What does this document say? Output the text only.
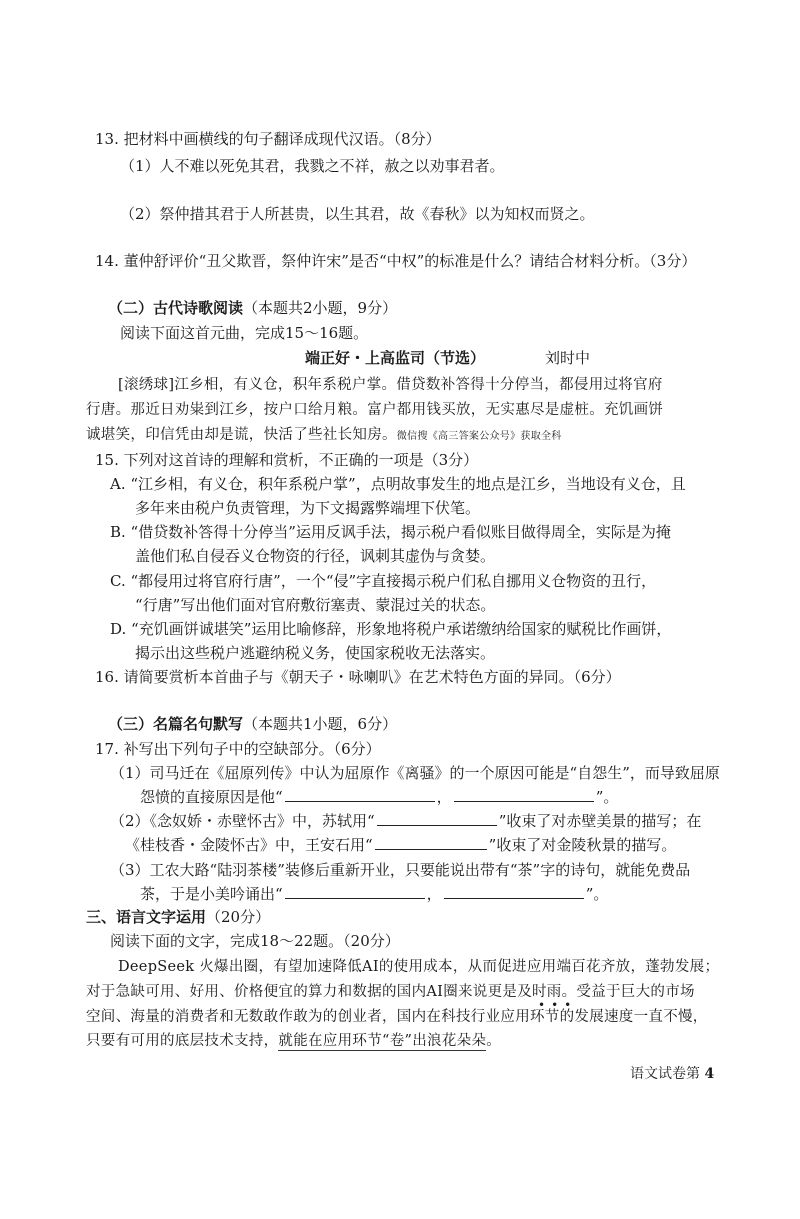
13. 把材料中画横线的句子翻译成现代汉语。（8分）
（1）人不难以死免其君，我戮之不祥，赦之以劝事君者。
（2）祭仲措其君于人所甚贵，以生其君，故《春秋》以为知权而贤之。
14. 董仲舒评价“丑父欺晋，祭仲许宋”是否“中权”的标准是什么？请结合材料分析。（3分）
（二）古代诗歌阅读（本题共2小题，9分）
阅读下面这首元曲，完成15～16题。
端正好・上高监司（节选）	刘时中
[滚绣球]江乡相，有义仓，积年系税户掌。借贷数补答得十分停当，都侵用过将官府
行唐。那近日劝粜到江乡，按户口给月粮。富户都用钱买放，无实惠尽是虚桩。充饥画饼
诚堪笑，印信凭由却是谎，快活了些社长知房。微信搜《高三答案公众号》获取全科
15. 下列对这首诗的理解和赏析，不正确的一项是（3分）
A. “江乡相，有义仓，积年系税户掌”，点明故事发生的地点是江乡，当地设有义仓，且
多年来由税户负责管理，为下文揭露弊端埋下伏笔。
B. “借贷数补答得十分停当”运用反讽手法，揭示税户看似账目做得周全，实际是为掩
盖他们私自侵吞义仓物资的行径，讽刺其虚伪与贪婪。
C. “都侵用过将官府行唐”，一个“侵”字直接揭示税户们私自挪用义仓物资的丑行，
“行唐”写出他们面对官府敷衍塞责、蒙混过关的状态。
D. “充饥画饼诚堪笑”运用比喻修辞，形象地将税户承诺缴纳给国家的赋税比作画饼，
揭示出这些税户逃避纳税义务，使国家税收无法落实。
16. 请简要赏析本首曲子与《朝天子・咏喇叭》在艺术特色方面的异同。（6分）
（三）名篇名句默写（本题共1小题，6分）
17. 补写出下列句子中的空缺部分。（6分）
（1）司马迁在《屈原列传》中认为屈原作《离骚》的一个原因可能是“自怨生”，而导致屈原
怨愤的直接原因是他“	，	”。
（2）《念奴娇・赤壁怀古》中，苏轼用“	”收束了对赤壁美景的描写；在
《桂枝香・金陵怀古》中，王安石用“	”收束了对金陵秋景的描写。
（3）工农大路“陆羽茶楼”装修后重新开业，只要能说出带有“茶”字的诗句，就能免费品
茶，于是小美吟诵出“	，	”。
三、语言文字运用（20分）
阅读下面的文字，完成18～22题。（20分）
DeepSeek 火爆出圈，有望加速降低AI的使用成本，从而促进应用端百花齐放，蓬勃发展；
对于急缺可用、好用、价格便宜的算力和数据的国内AI圈来说更是及时雨。受益于巨大的市场
•••
空间、海量的消费者和无数敢作敢为的创业者，国内在科技行业应用环节的发展速度一直不慢，
只要有可用的底层技术支持，就能在应用环节“卷”出浪花朵朵。
语文试卷第 4
